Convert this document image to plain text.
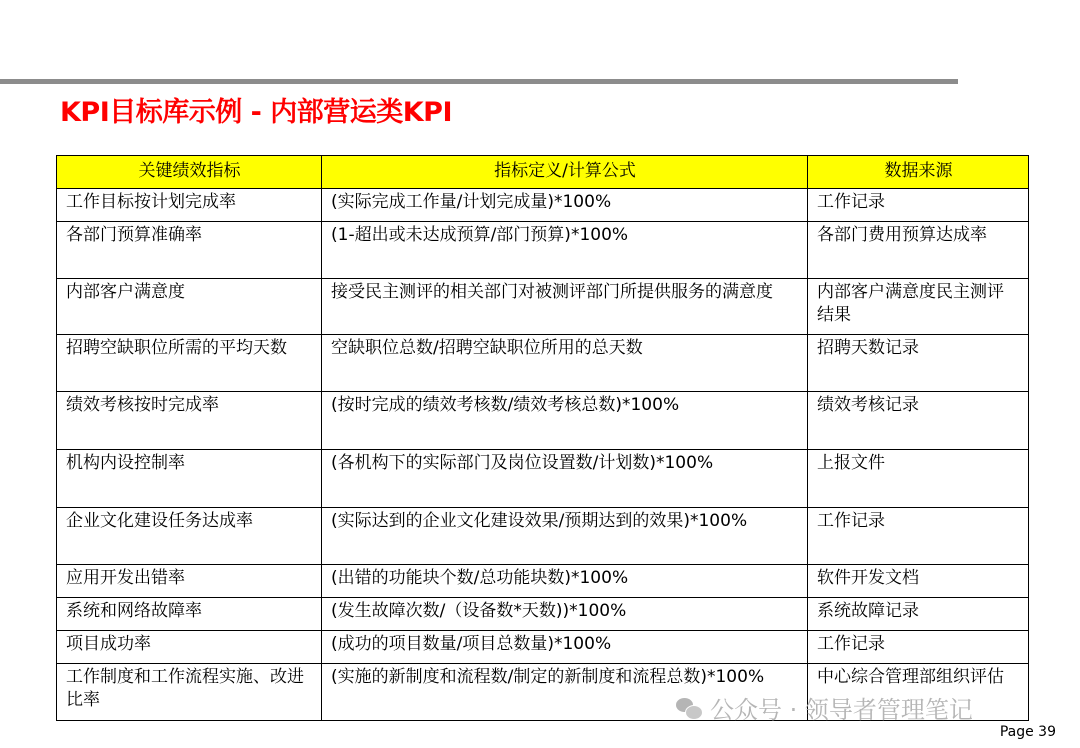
KPI目标库示例 - 内部营运类KPI
关键绩效指标	指标定义/计算公式	数据来源
工作目标按计划完成率	(实际完成工作量/计划完成量)*100%	工作记录
各部门预算准确率	(1-超出或未达成预算/部门预算)*100%	各部门费用预算达成率
内部客户满意度	接受民主测评的相关部门对被测评部门所提供服务的满意度	内部客户满意度民主测评结果
招聘空缺职位所需的平均天数	空缺职位总数/招聘空缺职位所用的总天数	招聘天数记录
绩效考核按时完成率	(按时完成的绩效考核数/绩效考核总数)*100%	绩效考核记录
机构内设控制率	(各机构下的实际部门及岗位设置数/计划数)*100%	上报文件
企业文化建设任务达成率	(实际达到的企业文化建设效果/预期达到的效果)*100%	工作记录
应用开发出错率	(出错的功能块个数/总功能块数)*100%	软件开发文档
系统和网络故障率	(发生故障次数/（设备数*天数))*100%	系统故障记录
项目成功率	(成功的项目数量/项目总数量)*100%	工作记录
工作制度和工作流程实施、改进比率	(实施的新制度和流程数/制定的新制度和流程总数)*100%	中心综合管理部组织评估
公众号 · 领导者管理笔记
Page 39
